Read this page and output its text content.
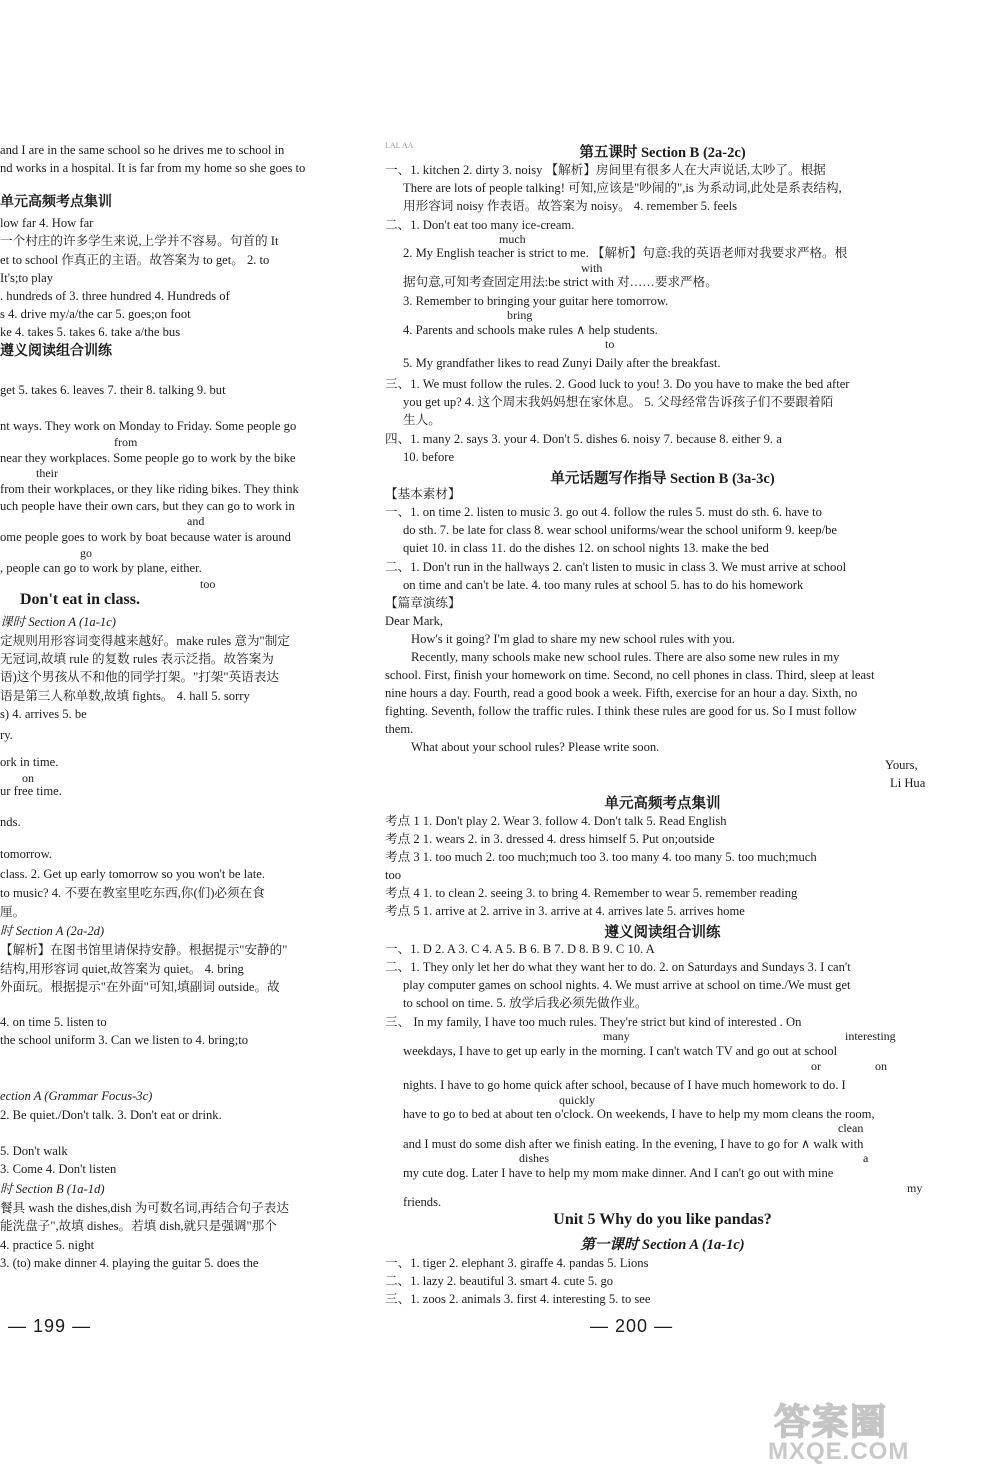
and I are in the same school so he drives me to school in
nd works in a hospital. It is far from my home so she goes to
单元高频考点集训
low far 4. How far
一个村庄的许多学生来说,上学并不容易。句首的 It
et to school 作真正的主语。故答案为 to get。 2. to
It's;to play
. hundreds of 3. three hundred 4. Hundreds of
s 4. drive my/a/the car 5. goes;on foot
ke 4. takes 5. takes 6. take a/the bus
遵义阅读组合训练
get 5. takes 6. leaves 7. their 8. talking 9. but
nt ways. They work on Monday to Friday. Some people go
from
near they workplaces. Some people go to work by the bike
their
from their workplaces, or they like riding bikes. They think
uch people have their own cars, but they can go to work in
and
ome people goes to work by boat because water is around
go
, people can go to work by plane, either.
too
Don't eat in class.
课时 Section A (1a-1c)
定规则用形容词变得越来越好。make rules 意为"制定
无冠词,故填 rule 的复数 rules 表示泛指。故答案为
语)这个男孩从不和他的同学打架。"打架"英语表达
语是第三人称单数,故填 fights。 4. hall 5. sorry
s) 4. arrives 5. be
ry.
ork in time.
on
ur free time.
nds.
tomorrow.
class. 2. Get up early tomorrow so you won't be late.
to music? 4. 不要在教室里吃东西,你(们)必须在食
厘。
时 Section A (2a-2d)
【解析】在图书馆里请保持安静。根据提示"安静的"
结构,用形容词 quiet,故答案为 quiet。 4. bring
外面玩。根据提示"在外面"可知,填副词 outside。故
4. on time 5. listen to
the school uniform 3. Can we listen to 4. bring;to
ection A (Grammar Focus-3c)
2. Be quiet./Don't talk. 3. Don't eat or drink.
5. Don't walk
3. Come 4. Don't listen
时 Section B (1a-1d)
餐具 wash the dishes,dish 为可数名词,再结合句子表达
能洗盘子",故填 dishes。若填 dish,就只是强调"那个
4. practice 5. night
3. (to) make dinner 4. playing the guitar 5. does the
— 199 —
LAL AA	第五课时 Section B (2a-2c)
一、1. kitchen 2. dirty 3. noisy 【解析】房间里有很多人在大声说话,太吵了。根据
There are lots of people talking! 可知,应该是"吵闹的",is 为系动词,此处是系表结构,
用形容词 noisy 作表语。故答案为 noisy。 4. remember 5. feels
二、1. Don't eat too many ice-cream.
much
2. My English teacher is strict to me. 【解析】句意:我的英语老师对我要求严格。根
with
据句意,可知考查固定用法:be strict with 对……要求严格。
3. Remember to bringing your guitar here tomorrow.
bring
4. Parents and schools make rules ∧ help students.
to
5. My grandfather likes to read Zunyi Daily after the breakfast.
三、1. We must follow the rules. 2. Good luck to you! 3. Do you have to make the bed after
you get up? 4. 这个周末我妈妈想在家休息。 5. 父母经常告诉孩子们不要跟着陌
生人。
四、1. many 2. says 3. your 4. Don't 5. dishes 6. noisy 7. because 8. either 9. a
10. before
单元话题写作指导 Section B (3a-3c)
【基本素材】
一、1. on time 2. listen to music 3. go out 4. follow the rules 5. must do sth. 6. have to
do sth. 7. be late for class 8. wear school uniforms/wear the school uniform 9. keep/be
quiet 10. in class 11. do the dishes 12. on school nights 13. make the bed
二、1. Don't run in the hallways 2. can't listen to music in class 3. We must arrive at school
on time and can't be late. 4. too many rules at school 5. has to do his homework
【篇章演练】
Dear Mark,
How's it going? I'm glad to share my new school rules with you.
Recently, many schools make new school rules. There are also some new rules in my
school. First, finish your homework on time. Second, no cell phones in class. Third, sleep at least
nine hours a day. Fourth, read a good book a week. Fifth, exercise for an hour a day. Sixth, no
fighting. Seventh, follow the traffic rules. I think these rules are good for us. So I must follow
them.
What about your school rules? Please write soon.
Yours,
Li Hua
单元高频考点集训
考点 1 1. Don't play 2. Wear 3. follow 4. Don't talk 5. Read English
考点 2 1. wears 2. in 3. dressed 4. dress himself 5. Put on;outside
考点 3 1. too much 2. too much;much too 3. too many 4. too many 5. too much;much
too
考点 4 1. to clean 2. seeing 3. to bring 4. Remember to wear 5. remember reading
考点 5 1. arrive at 2. arrive in 3. arrive at 4. arrives late 5. arrives home
遵义阅读组合训练
一、1. D 2. A 3. C 4. A 5. B 6. B 7. D 8. B 9. C 10. A
二、1. They only let her do what they want her to do. 2. on Saturdays and Sundays 3. I can't
play computer games on school nights. 4. We must arrive at school on time./We must get
to school on time. 5. 放学后我必须先做作业。
三、 In my family, I have too much rules. They're strict but kind of interested . On
many	interesting
weekdays, I have to get up early in the morning. I can't watch TV and go out at school
or	on
nights. I have to go home quick after school, because of I have much homework to do. I
quickly
have to go to bed at about ten o'clock. On weekends, I have to help my mom cleans the room,
clean
and I must do some dish after we finish eating. In the evening, I have to go for ∧ walk with
dishes	a
my cute dog. Later I have to help my mom make dinner. And I can't go out with mine
my
friends.
Unit 5 Why do you like pandas?
第一课时 Section A (1a-1c)
一、1. tiger 2. elephant 3. giraffe 4. pandas 5. Lions
二、1. lazy 2. beautiful 3. smart 4. cute 5. go
三、1. zoos 2. animals 3. first 4. interesting 5. to see
— 200 —
答案圈
MXQE.COM
